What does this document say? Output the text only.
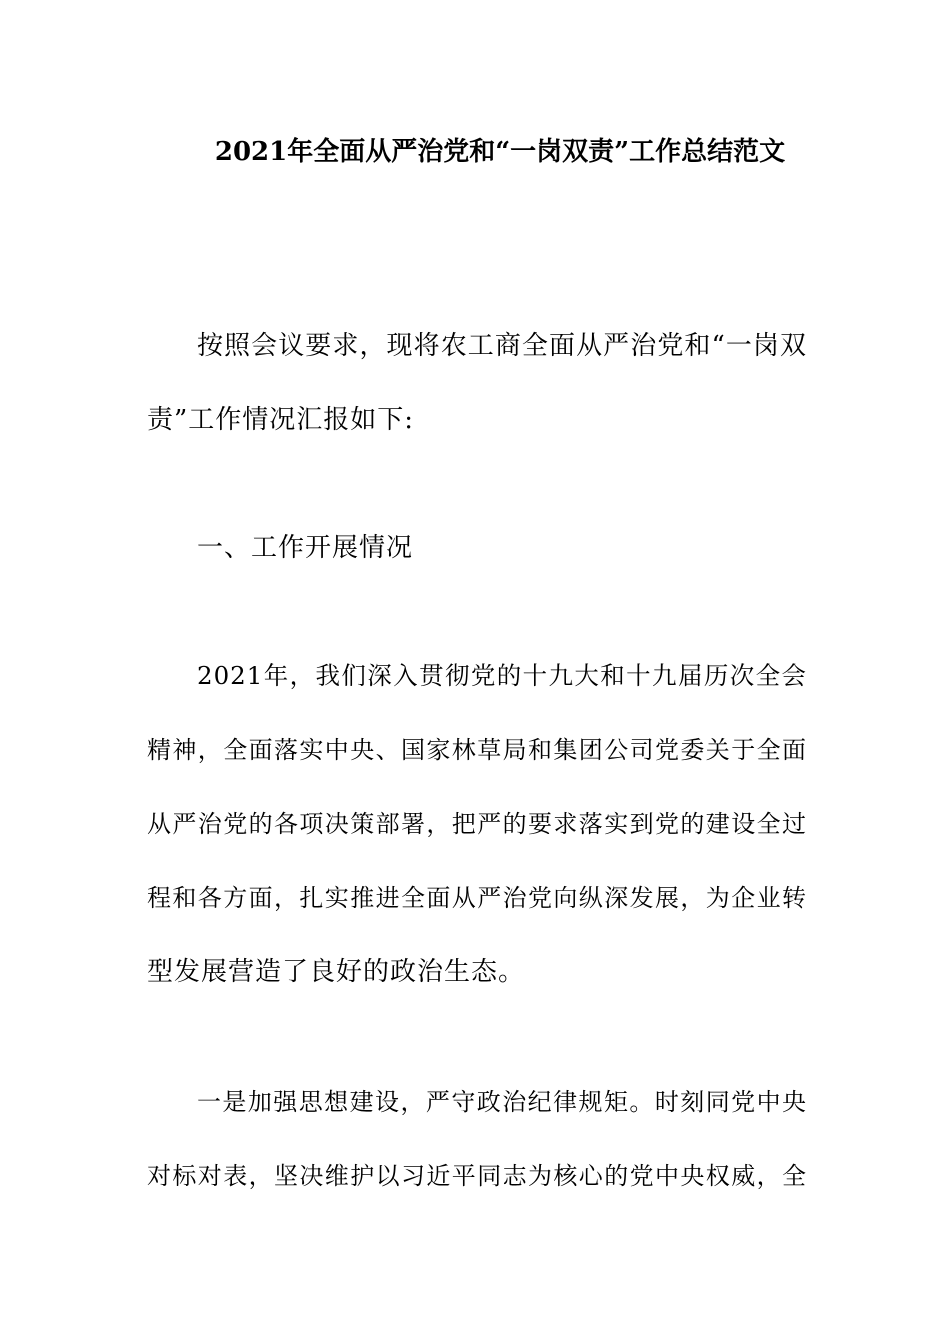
2021年全面从严治党和“一岗双责”工作总结范文
按照会议要求，现将农工商全面从严治党和“一岗双
责”工作情况汇报如下:
一、工作开展情况
2021年，我们深入贯彻党的十九大和十九届历次全会
精神，全面落实中央、国家林草局和集团公司党委关于全面
从严治党的各项决策部署，把严的要求落实到党的建设全过
程和各方面，扎实推进全面从严治党向纵深发展，为企业转
型发展营造了良好的政治生态。
一是加强思想建设，严守政治纪律规矩。时刻同党中央
对标对表，坚决维护以习近平同志为核心的党中央权威，全
